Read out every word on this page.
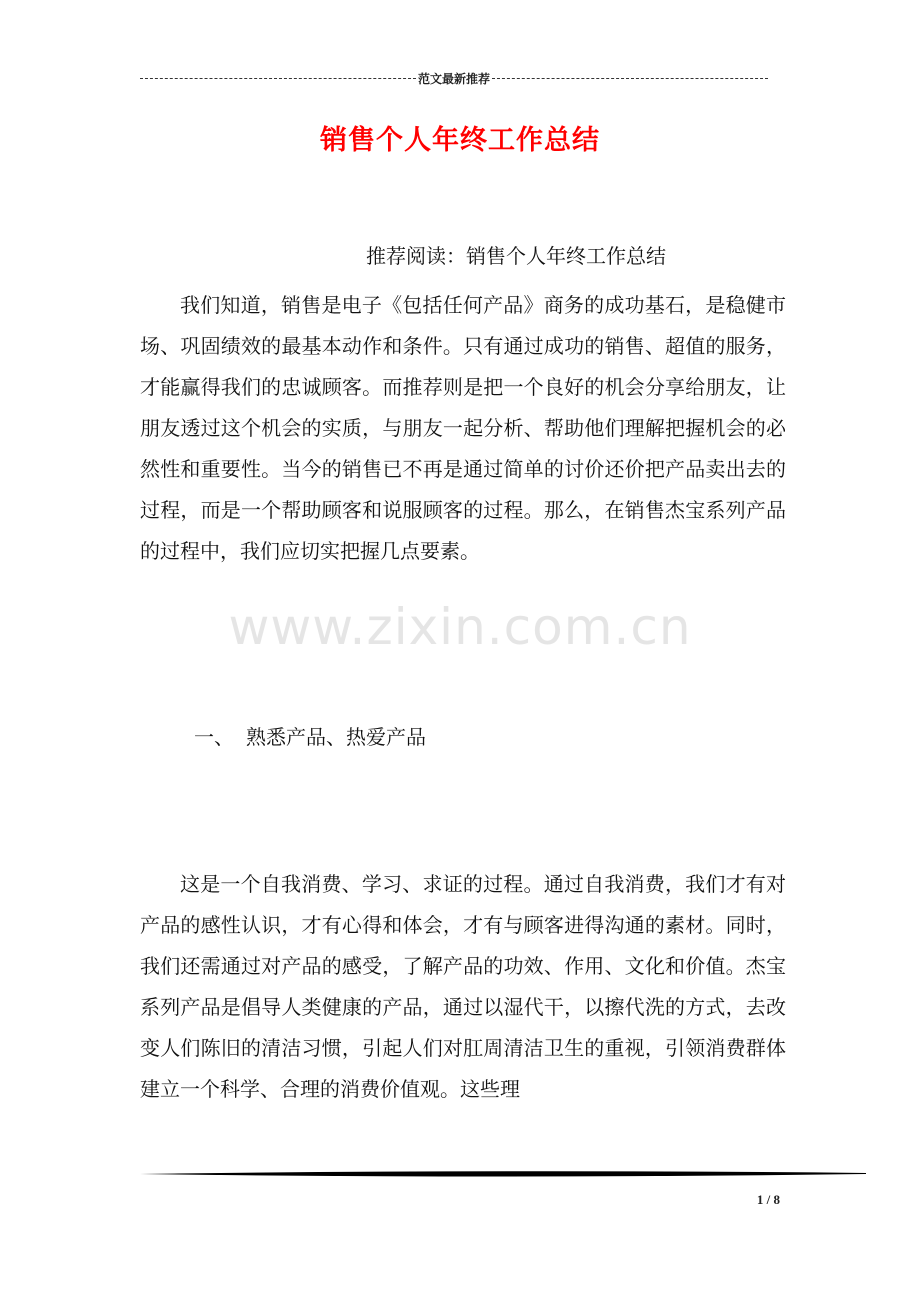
范文最新推荐
销售个人年终工作总结
推荐阅读：销售个人年终工作总结

我们知道，销售是电子《包括任何产品》商务的成功基石，是稳健市场、巩固绩效的最基本动作和条件。只有通过成功的销售、超值的服务，才能赢得我们的忠诚顾客。而推荐则是把一个良好的机会分享给朋友，让朋友透过这个机会的实质，与朋友一起分析、帮助他们理解把握机会的必然性和重要性。当今的销售已不再是通过简单的讨价还价把产品卖出去的过程，而是一个帮助顾客和说服顾客的过程。那么，在销售杰宝系列产品的过程中，我们应切实把握几点要素。

www.zixin.com.cn
一、 熟悉产品、热爱产品

这是一个自我消费、学习、求证的过程。通过自我消费，我们才有对产品的感性认识，才有心得和体会，才有与顾客进得沟通的素材。同时，我们还需通过对产品的感受，了解产品的功效、作用、文化和价值。杰宝系列产品是倡导人类健康的产品，通过以湿代干，以擦代洗的方式，去改变人们陈旧的清洁习惯，引起人们对肛周清洁卫生的重视，引领消费群体建立一个科学、合理的消费价值观。这些理

1 / 8
